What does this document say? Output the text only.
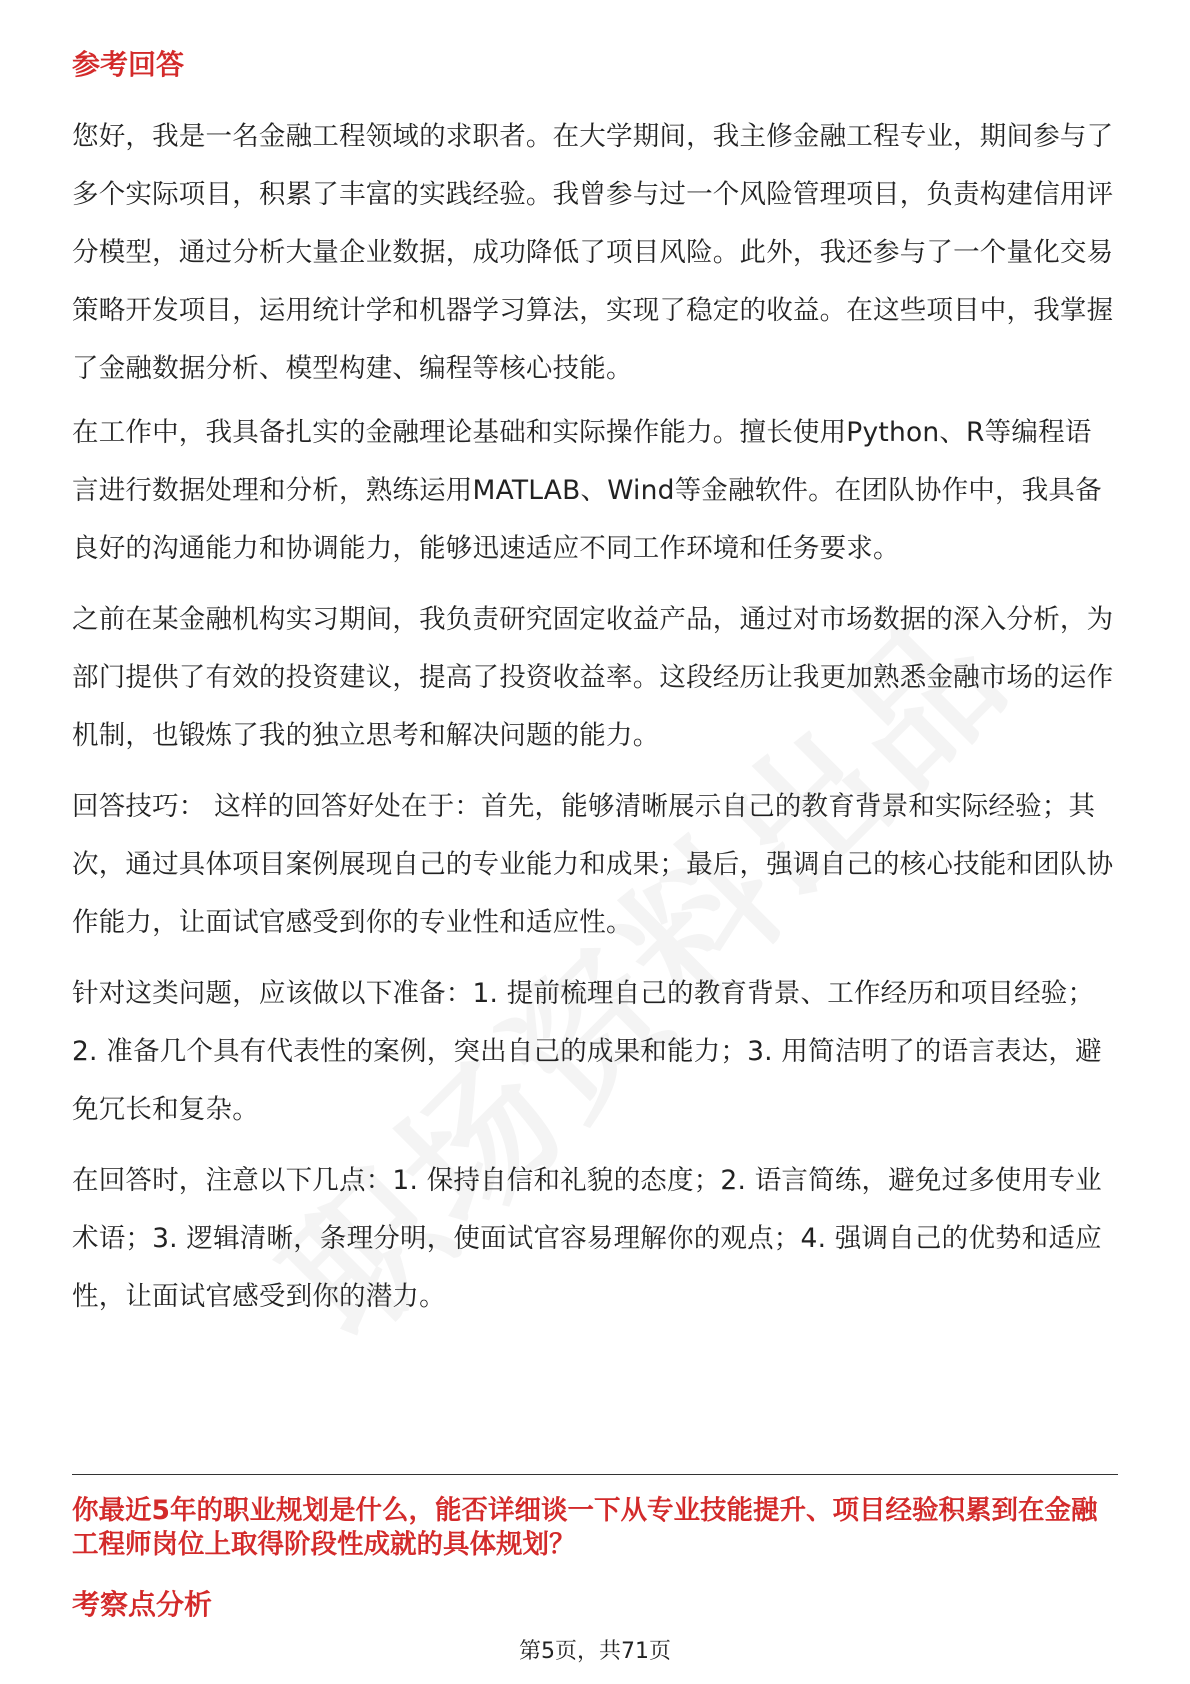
参考回答

您好，我是一名金融工程领域的求职者。在大学期间，我主修金融工程专业，期间参与了多个实际项目，积累了丰富的实践经验。我曾参与过一个风险管理项目，负责构建信用评分模型，通过分析大量企业数据，成功降低了项目风险。此外，我还参与了一个量化交易策略开发项目，运用统计学和机器学习算法，实现了稳定的收益。在这些项目中，我掌握了金融数据分析、模型构建、编程等核心技能。

在工作中，我具备扎实的金融理论基础和实际操作能力。擅长使用Python、R等编程语言进行数据处理和分析，熟练运用MATLAB、Wind等金融软件。在团队协作中，我具备良好的沟通能力和协调能力，能够迅速适应不同工作环境和任务要求。

之前在某金融机构实习期间，我负责研究固定收益产品，通过对市场数据的深入分析，为部门提供了有效的投资建议，提高了投资收益率。这段经历让我更加熟悉金融市场的运作机制，也锻炼了我的独立思考和解决问题的能力。

回答技巧： 这样的回答好处在于：首先，能够清晰展示自己的教育背景和实际经验；其次，通过具体项目案例展现自己的专业能力和成果；最后，强调自己的核心技能和团队协作能力，让面试官感受到你的专业性和适应性。

针对这类问题，应该做以下准备：1. 提前梳理自己的教育背景、工作经历和项目经验；2. 准备几个具有代表性的案例，突出自己的成果和能力；3. 用简洁明了的语言表达，避免冗长和复杂。

在回答时，注意以下几点：1. 保持自信和礼貌的态度；2. 语言简练，避免过多使用专业术语；3. 逻辑清晰，条理分明，使面试官容易理解你的观点；4. 强调自己的优势和适应性，让面试官感受到你的潜力。

你最近5年的职业规划是什么，能否详细谈一下从专业技能提升、项目经验积累到在金融工程师岗位上取得阶段性成就的具体规划？

考察点分析

第5页，共71页
